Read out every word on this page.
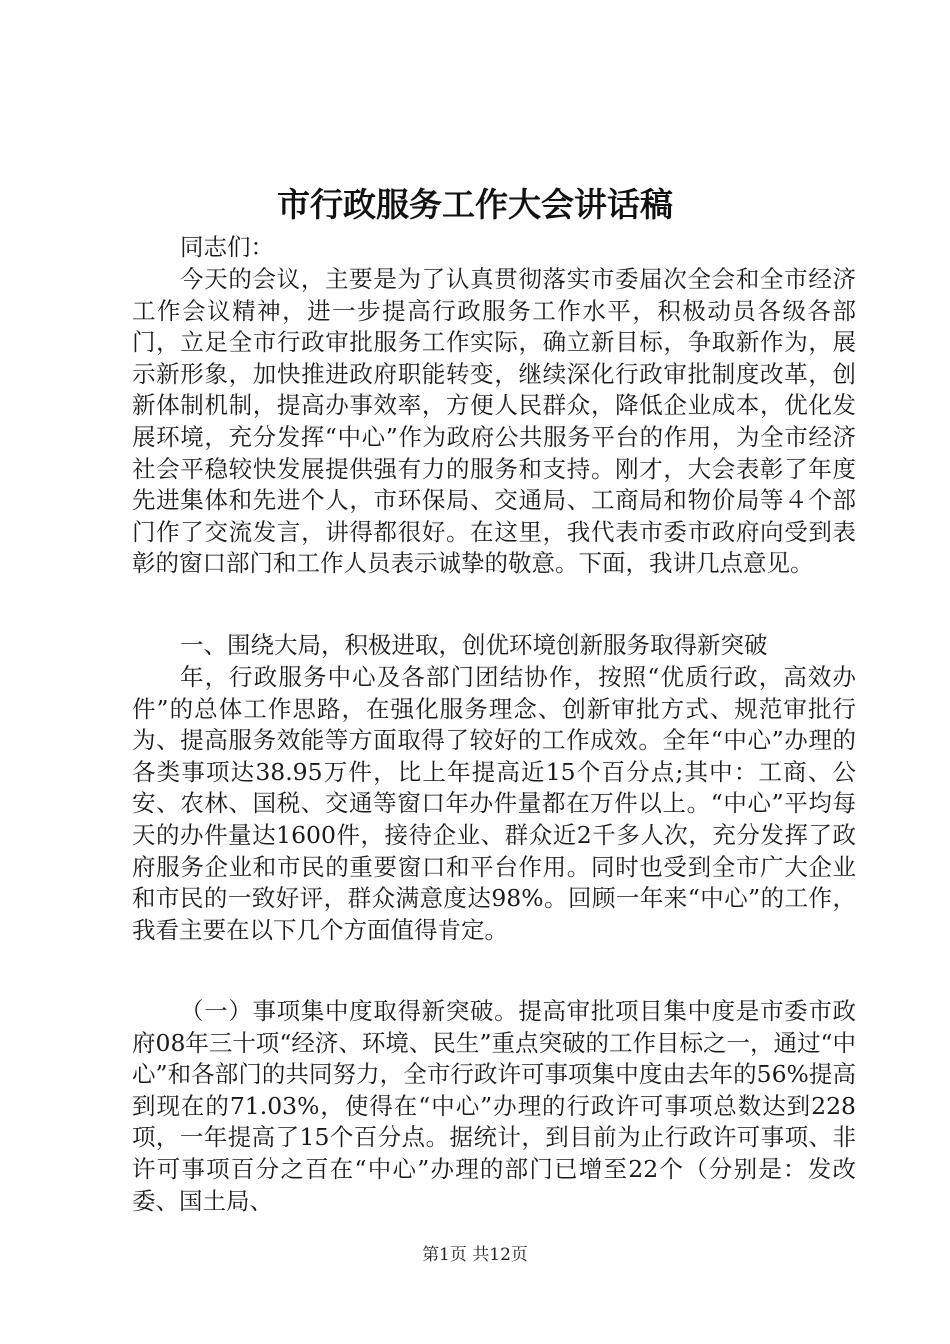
市行政服务工作大会讲话稿
同志们：
今天的会议，主要是为了认真贯彻落实市委届次全会和全市经济工作会议精神，进一步提高行政服务工作水平，积极动员各级各部门，立足全市行政审批服务工作实际，确立新目标，争取新作为，展示新形象，加快推进政府职能转变，继续深化行政审批制度改革，创新体制机制，提高办事效率，方便人民群众，降低企业成本，优化发展环境，充分发挥“中心”作为政府公共服务平台的作用，为全市经济社会平稳较快发展提供强有力的服务和支持。刚才，大会表彰了年度先进集体和先进个人，市环保局、交通局、工商局和物价局等４个部门作了交流发言，讲得都很好。在这里，我代表市委市政府向受到表彰的窗口部门和工作人员表示诚挚的敬意。下面，我讲几点意见。
一、围绕大局，积极进取，创优环境创新服务取得新突破
年，行政服务中心及各部门团结协作，按照“优质行政，高效办件”的总体工作思路，在强化服务理念、创新审批方式、规范审批行为、提高服务效能等方面取得了较好的工作成效。全年“中心”办理的各类事项达38.95万件，比上年提高近15个百分点;其中：工商、公安、农林、国税、交通等窗口年办件量都在万件以上。“中心”平均每天的办件量达1600件，接待企业、群众近2千多人次，充分发挥了政府服务企业和市民的重要窗口和平台作用。同时也受到全市广大企业和市民的一致好评，群众满意度达98%。回顾一年来“中心”的工作，我看主要在以下几个方面值得肯定。
（一）事项集中度取得新突破。提高审批项目集中度是市委市政府08年三十项“经济、环境、民生”重点突破的工作目标之一，通过“中心”和各部门的共同努力，全市行政许可事项集中度由去年的56%提高到现在的71.03%，使得在“中心”办理的行政许可事项总数达到228项，一年提高了15个百分点。据统计，到目前为止行政许可事项、非许可事项百分之百在“中心”办理的部门已增至22个（分别是：发改委、国土局、
第1页 共12页
